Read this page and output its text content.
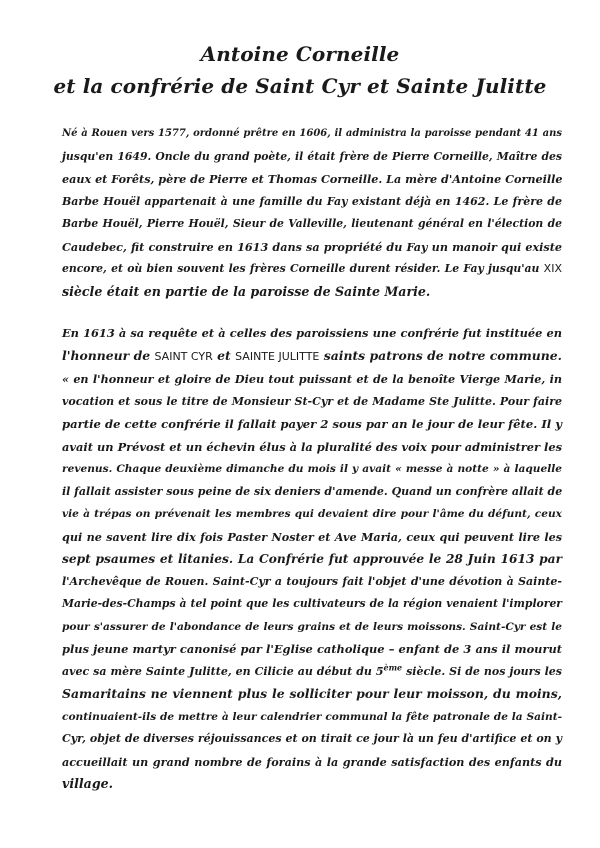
Antoine Corneille
et la confrérie de Saint Cyr et Sainte Julitte
Né à Rouen vers 1577, ordonné prêtre en 1606, il administra la paroisse pendant 41 ans
jusqu'en 1649. Oncle du grand poète, il était frère de Pierre Corneille, Maître des
eaux et Forêts, père de Pierre et Thomas Corneille. La mère d'Antoine Corneille
Barbe Houël appartenait à une famille du Fay existant déjà en 1462. Le frère de
Barbe Houël, Pierre Houël, Sieur de Valleville, lieutenant général en l'élection de
Caudebec, fit construire en 1613 dans sa propriété du Fay un manoir qui existe
encore, et où bien souvent les frères Corneille durent résider. Le Fay jusqu'au XIX
siècle était en partie de la paroisse de Sainte Marie.
En 1613 à sa requête et à celles des paroissiens une confrérie fut instituée en
l'honneur de SAINT CYR et SAINTE JULITTE saints patrons de notre commune.
« en l'honneur et gloire de Dieu tout puissant et de la benoîte Vierge Marie, in
vocation et sous le titre de Monsieur St-Cyr et de Madame Ste Julitte. Pour faire
partie de cette confrérie il fallait payer 2 sous par an le jour de leur fête. Il y
avait un Prévost et un échevin élus à la pluralité des voix pour administrer les
revenus. Chaque deuxième dimanche du mois il y avait « messe à notte » à laquelle
il fallait assister sous peine de six deniers d'amende. Quand un confrère allait de
vie à trépas on prévenait les membres qui devaient dire pour l'âme du défunt, ceux
qui ne savent lire dix fois Paster Noster et Ave Maria, ceux qui peuvent lire les
sept psaumes et litanies. La Confrérie fut approuvée le 28 Juin 1613 par
l'Archevêque de Rouen. Saint-Cyr a toujours fait l'objet d'une dévotion à Sainte-
Marie-des-Champs à tel point que les cultivateurs de la région venaient l'implorer
pour s'assurer de l'abondance de leurs grains et de leurs moissons. Saint-Cyr est le
plus jeune martyr canonisé par l'Eglise catholique – enfant de 3 ans il mourut
avec sa mère Sainte Julitte, en Cilicie au début du 5ème siècle. Si de nos jours les
Samaritains ne viennent plus le solliciter pour leur moisson, du moins,
continuaient-ils de mettre à leur calendrier communal la fête patronale de la Saint-
Cyr, objet de diverses réjouissances et on tirait ce jour là un feu d'artifice et on y
accueillait un grand nombre de forains à la grande satisfaction des enfants du
village.
